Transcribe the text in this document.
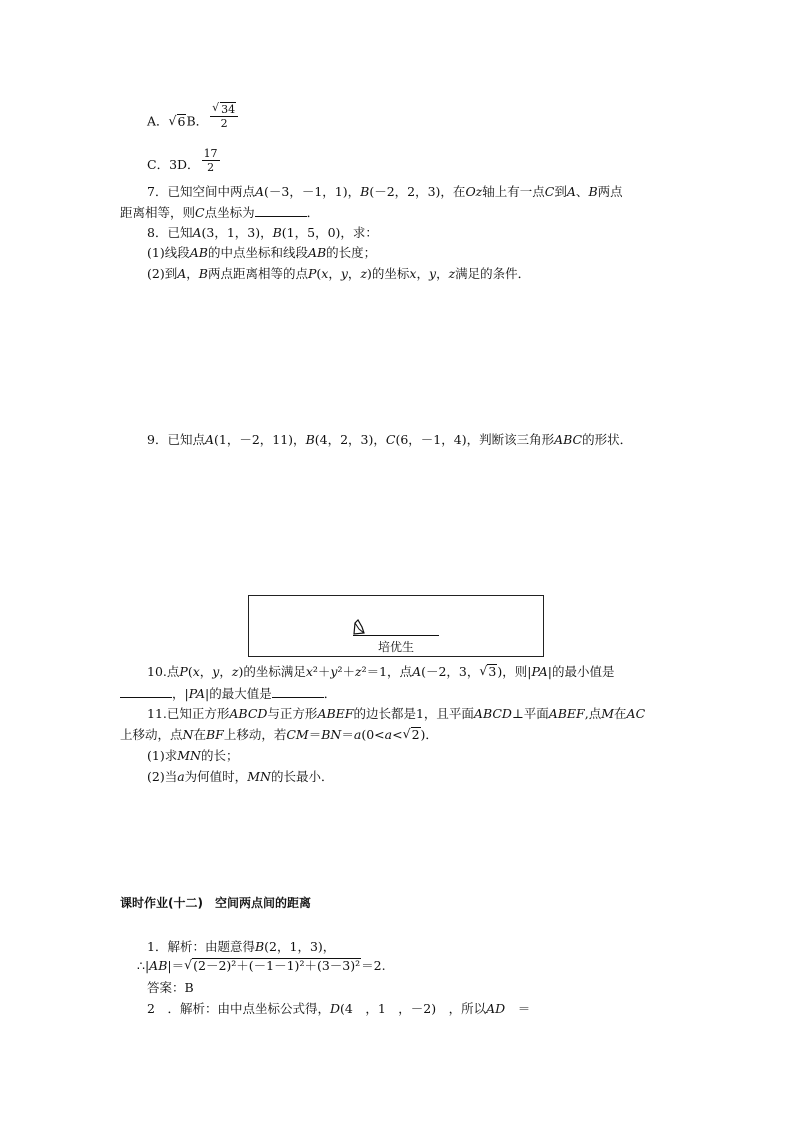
A． √ 6B． √ $\frac{34}{2}$
C．3D． $\frac{17}{2}$
7．已知空间中两点A(－3，－1，1)，B(－2，2，3)，在Oz轴上有一点C到A、B两点
距离相等，则C点坐标为	．
8．已知A(3，1，3)，B(1，5，0)，求：
(1)线段AB的中点坐标和线段AB的长度；
(2)到A，B两点距离相等的点P(x，y，z)的坐标x，y，z满足的条件．
9．已知点A(1，－2，11)，B(4，2，3)，C(6，－1，4)，判断该三角形ABC的形状．
培优生
10.点P(x，y，z)的坐标满足x²＋y²＋z²＝1，点A(－2，3， √ 3)，则|PA|的最小值是
，|PA|的最大值是	．
11.已知正方形ABCD与正方形ABEF的边长都是1，且平面ABCD⊥平面ABEF,点M在AC
上移动，点N在BF上移动，若CM＝BN＝a(0<a< √ 2)．
(1)求MN的长；
(2)当a为何值时，MN的长最小．
课时作业(十二)　空间两点间的距离
1．解析：由题意得B(2，1，3)，
∴|AB|＝ √ (2－2)²＋(－1－1)²＋(3－3)²＝2.
答案：B
2　．解析：由中点坐标公式得，D(4　，1　，－2)　，所以AD　＝
